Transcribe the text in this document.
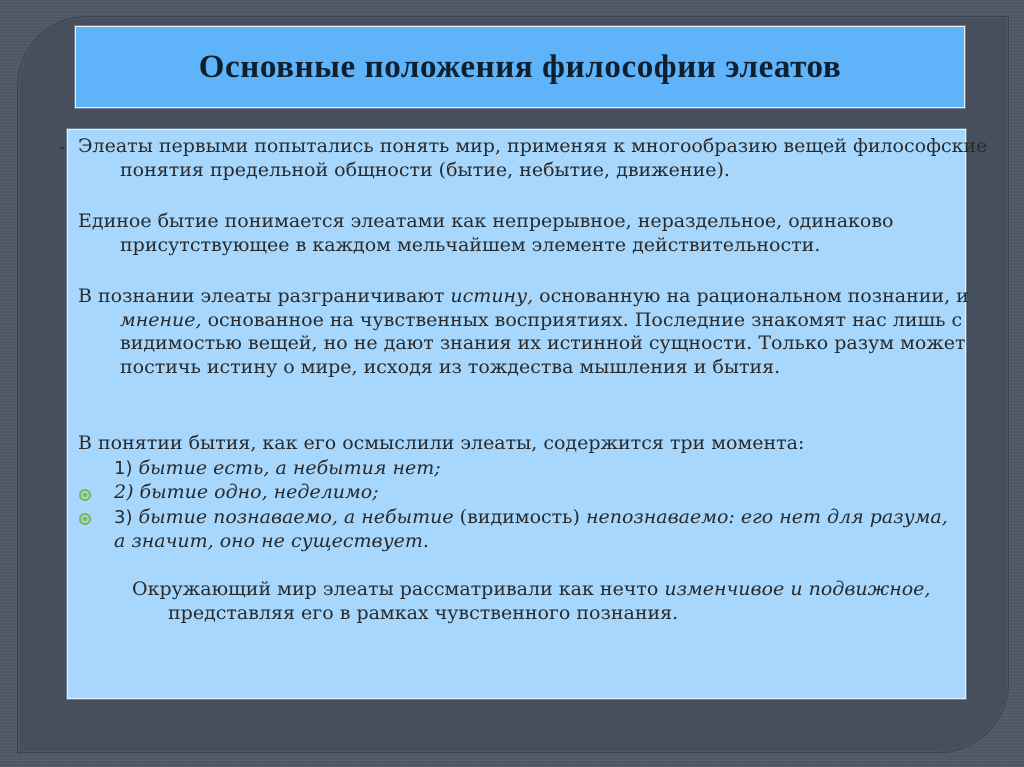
Основные положения философии элеатов
- Элеаты первыми попытались понять мир, применяя к многообразию вещей философские понятия предельной общности (бытие, небытие, движение).

Единое бытие понимается элеатами как непрерывное, нераздельное, одинаково присутствующее в каждом мельчайшем элементе действительности.

В познании элеаты разграничивают истину, основанную на рациональном познании, и мнение, основанное на чувственных восприятиях. Последние знакомят нас лишь с видимостью вещей, но не дают знания их истинной сущности. Только разум может постичь истину о мире, исходя из тождества мышления и бытия.

В понятии бытия, как его осмыслили элеаты, содержится три момента:

1) бытие есть, а небытия нет;

2) бытие одно, неделимо;

3) бытие познаваемо, а небытие (видимость) непознаваемо: его нет для разума, а значит, оно не существует.

Окружающий мир элеаты рассматривали как нечто изменчивое и подвижное, представляя его в рамках чувственного познания.
